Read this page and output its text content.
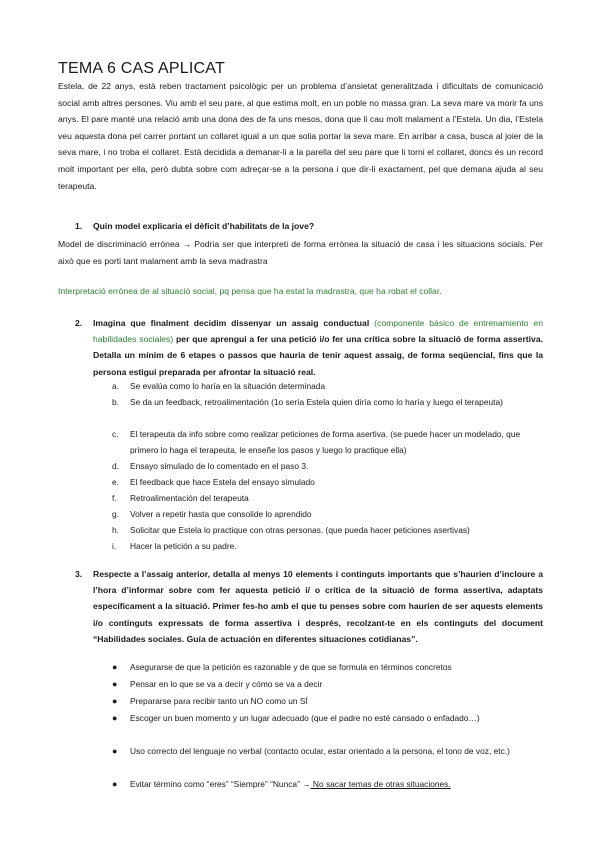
TEMA 6 CAS APLICAT
Estela, de 22 anys, està reben tractament psicològic per un problema d’ansietat generalitzada i dificultats de comunicació social amb altres persones. Viu amb el seu pare, al que estima molt, en un poble no massa gran. La seva mare va morir fa uns anys. El pare manté una relació amb una dona des de fa uns mesos, dona que li cau molt malament a l’Estela. Un dia, l’Estela veu aquesta dona pel carrer portant un collaret igual a un que solia portar la seva mare. En arribar a casa, busca al joier de la seva mare, i no troba el collaret. Està decidida a demanar-li a la parella del seu pare que li torni el collaret, doncs és un record molt important per ella, però dubta sobre com adreçar-se a la persona i que dir-li exactament, pel que demana ajuda al seu terapeuta.
1. Quin model explicaria el dèficit d’habilitats de la jove?
Model de discriminació errònea → Podria ser que interpreti de forma errònea la situació de casa i les situacions socials. Per això que es porti tant malament amb la seva madrastra
Interpretació errònea de al situació social, pq pensa que ha estat la madrastra, que ha robat el collar.
2. Imagina que finalment decidim dissenyar un assaig conductual (componente básico de entrenamiento en habilidades sociales) per que aprengui a fer una petició i/o fer una crítica sobre la situació de forma assertiva. Detalla un mínim de 6 etapes o passos que hauria de tenir aquest assaig, de forma seqüencial, fins que la persona estigui preparada per afrontar la situació real.
a. Se evalúa como lo haría en la situación determinada
b. Se da un feedback, retroalimentación (1o sería Estela quien diría como lo haría y luego el terapeuta)
c. El terapeuta da info sobre como realizar peticiones de forma asertiva. (se puede hacer un modelado, que primero lo haga el terapeuta, le enseñe los pasos y luego lo practique ella)
d. Ensayo simulado de lo comentado en el paso 3.
e. El feedback que hace Estela del ensayo simulado
f. Retroalimentación del terapeuta
g. Volver a repetir hasta que consolide lo aprendido
h. Solicitar que Estela lo practique con otras personas. (que pueda hacer peticiones asertivas)
i. Hacer la petición a su padre.
3. Respecte a l’assaig anterior, detalla al menys 10 elements i continguts importants que s’haurien d’incloure a l’hora d’informar sobre com fer aquesta petició i/ o crítica de la situació de forma assertiva, adaptats específicament a la situació. Primer fes-ho amb el que tu penses sobre com haurien de ser aquests elements i/o continguts expressats de forma assertiva i després, recolzant-te en els continguts del document “Habilidades sociales. Guía de actuación en diferentes situaciones cotidianas”.
● Asegurarse de que la petición es razonable y de que se formula en términos concretos
● Pensar en lo que se va a decir y cómo se va a decir
● Prepararse para recibir tanto un NO como un SÍ
● Escoger un buen momento y un lugar adecuado (que el padre no esté cansado o enfadado…)
● Uso correcto del lenguaje no verbal (contacto ocular, estar orientado a la persona, el tono de voz, etc.)
● Evitar término como “eres” “Siempre” “Nunca” → No sacar temas de otras situaciones.
